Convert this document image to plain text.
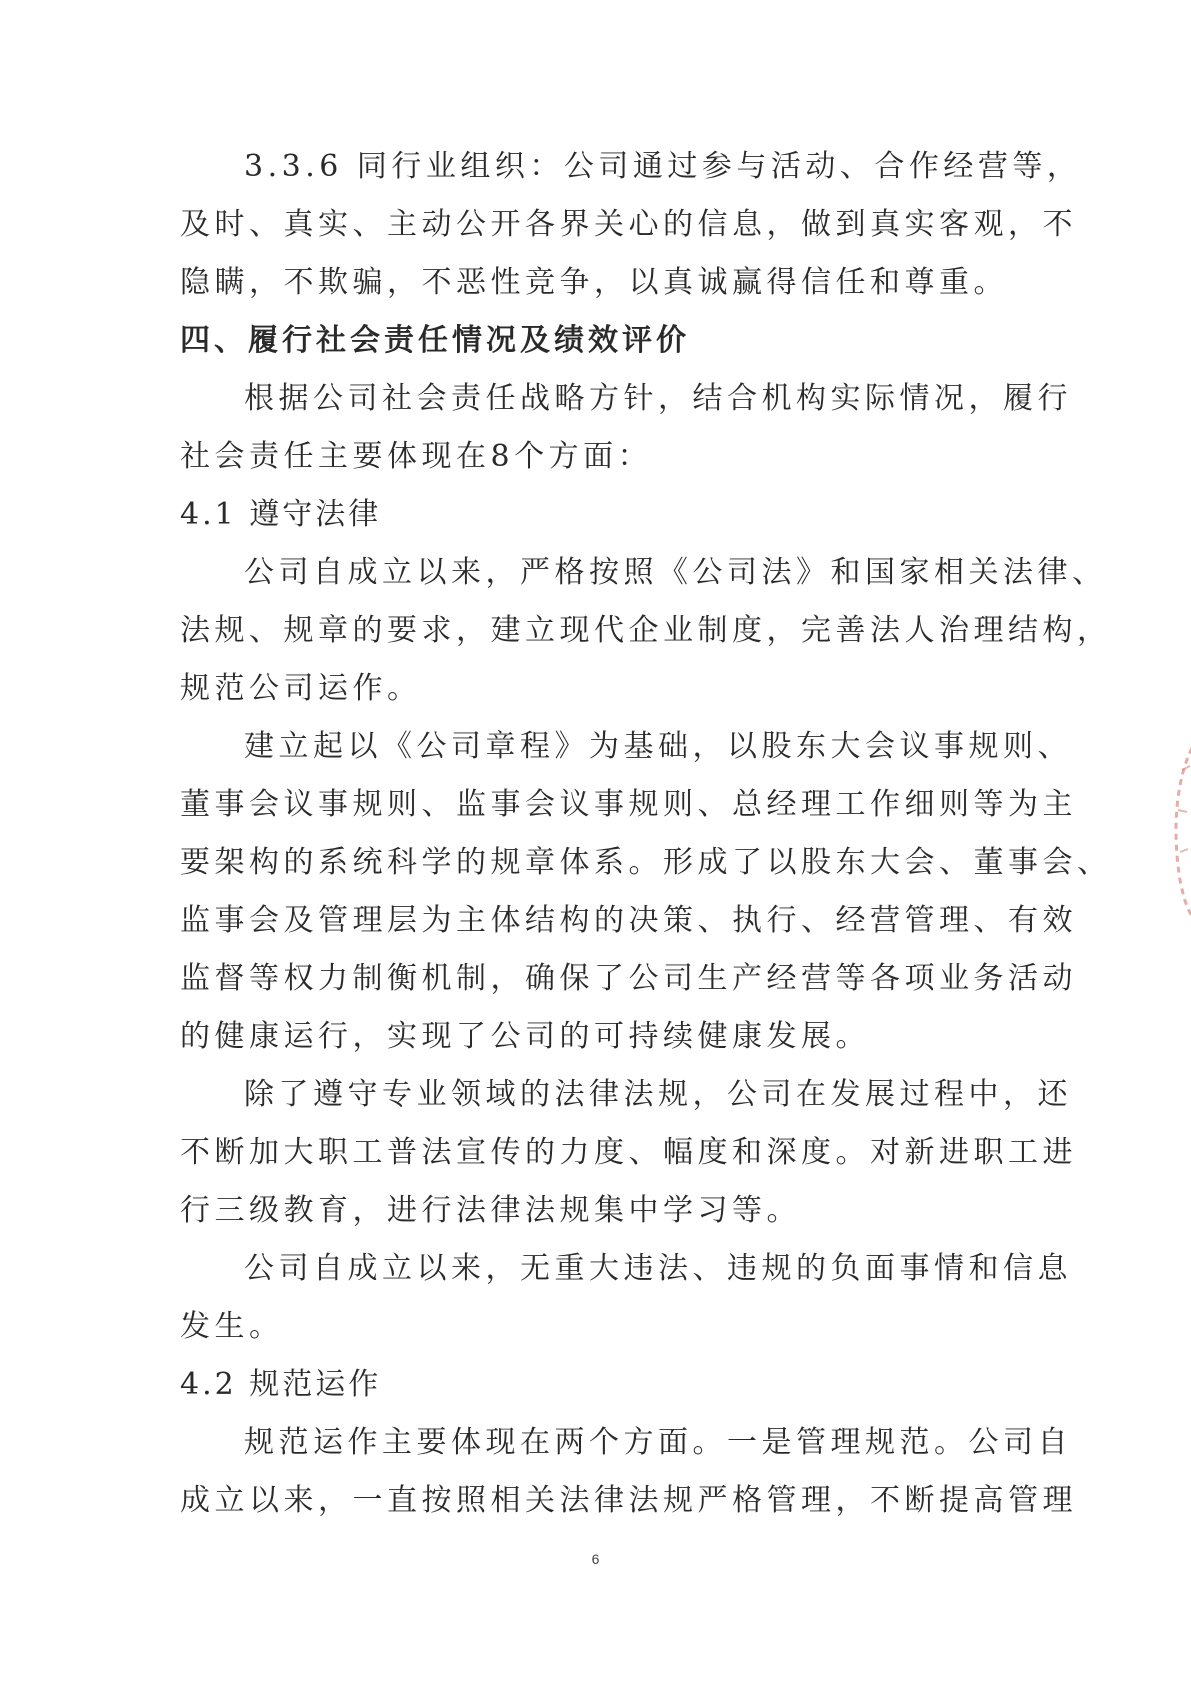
3.3.6 同行业组织：公司通过参与活动、合作经营等，
及时、真实、主动公开各界关心的信息，做到真实客观，不
隐瞒，不欺骗，不恶性竞争，以真诚赢得信任和尊重。
四、履行社会责任情况及绩效评价
根据公司社会责任战略方针，结合机构实际情况，履行
社会责任主要体现在8个方面：
4.1 遵守法律
公司自成立以来，严格按照《公司法》和国家相关法律、
法规、规章的要求，建立现代企业制度，完善法人治理结构，
规范公司运作。
建立起以《公司章程》为基础，以股东大会议事规则、
董事会议事规则、监事会议事规则、总经理工作细则等为主
要架构的系统科学的规章体系。形成了以股东大会、董事会、
监事会及管理层为主体结构的决策、执行、经营管理、有效
监督等权力制衡机制，确保了公司生产经营等各项业务活动
的健康运行，实现了公司的可持续健康发展。
除了遵守专业领域的法律法规，公司在发展过程中，还
不断加大职工普法宣传的力度、幅度和深度。对新进职工进
行三级教育，进行法律法规集中学习等。
公司自成立以来，无重大违法、违规的负面事情和信息
发生。
4.2 规范运作
规范运作主要体现在两个方面。一是管理规范。公司自
成立以来，一直按照相关法律法规严格管理，不断提高管理
6
